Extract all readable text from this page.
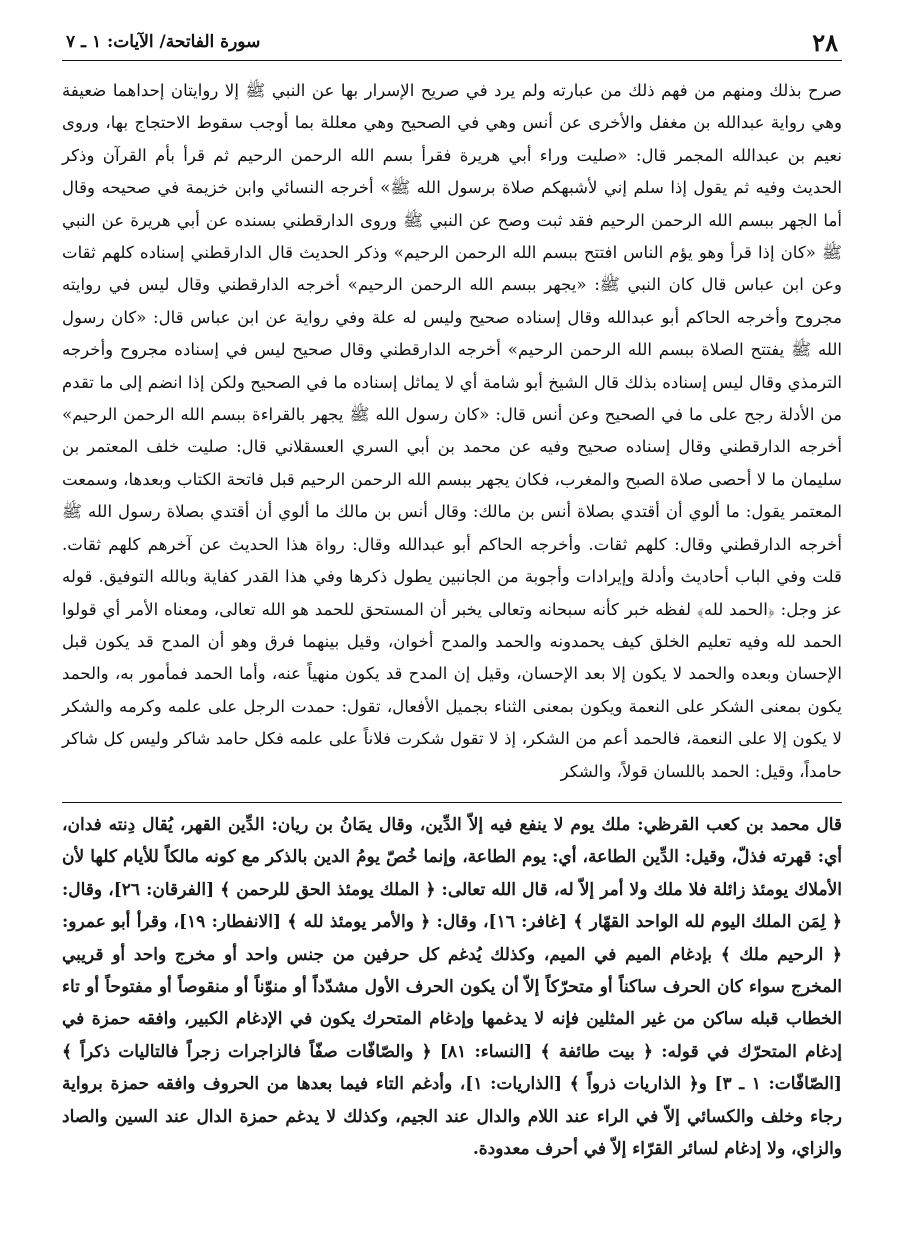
٢٨
سورة الفاتحة/ الآيات: ١ ـ ٧

صرح بذلك ومنهم من فهم ذلك من عبارته ولم يرد في صريح الإسرار بها عن النبي ﷺ إلا روايتان إحداهما ضعيفة وهي رواية عبدالله بن مغفل والأخرى عن أنس وهي في الصحيح وهي معللة بما أوجب سقوط الاحتجاج بها، وروى نعيم بن عبدالله المجمر قال: «صليت وراء أبي هريرة فقرأ بسم الله الرحمن الرحيم ثم قرأ بأم القرآن وذكر الحديث وفيه ثم يقول إذا سلم إني لأشبهكم صلاة برسول الله ﷺ» أخرجه النسائي وابن خزيمة في صحيحه وقال أما الجهر ببسم الله الرحمن الرحيم فقد ثبت وصح عن النبي ﷺ وروى الدارقطني بسنده عن أبي هريرة عن النبي ﷺ «كان إذا قرأ وهو يؤم الناس افتتح ببسم الله الرحمن الرحيم» وذكر الحديث قال الدارقطني إسناده كلهم ثقات وعن ابن عباس قال كان النبي ﷺ: «يجهر ببسم الله الرحمن الرحيم» أخرجه الدارقطني وقال ليس في روايته مجروح وأخرجه الحاكم أبو عبدالله وقال إسناده صحيح وليس له علة وفي رواية عن ابن عباس قال: «كان رسول الله ﷺ يفتتح الصلاة ببسم الله الرحمن الرحيم» أخرجه الدارقطني وقال صحيح ليس في إسناده مجروح وأخرجه الترمذي وقال ليس إسناده بذلك قال الشيخ أبو شامة أي لا يماثل إسناده ما في الصحيح ولكن إذا انضم إلى ما تقدم من الأدلة رجح على ما في الصحيح وعن أنس قال: «كان رسول الله ﷺ يجهر بالقراءة ببسم الله الرحمن الرحيم» أخرجه الدارقطني وقال إسناده صحيح وفيه عن محمد بن أبي السري العسقلاني قال: صليت خلف المعتمر بن سليمان ما لا أحصى صلاة الصبح والمغرب، فكان يجهر ببسم الله الرحمن الرحيم قبل فاتحة الكتاب وبعدها، وسمعت المعتمر يقول: ما ألوي أن أقتدي بصلاة أنس بن مالك: وقال أنس بن مالك ما ألوي أن أقتدي بصلاة رسول الله ﷺ أخرجه الدارقطني وقال: كلهم ثقات. وأخرجه الحاكم أبو عبدالله وقال: رواة هذا الحديث عن آخرهم كلهم ثقات. قلت وفي الباب أحاديث وأدلة وإيرادات وأجوبة من الجانبين يطول ذكرها وفي هذا القدر كفاية وبالله التوفيق. قوله عز وجل: ﴿الحمد لله﴾ لفظه خبر كأنه سبحانه وتعالى يخبر أن المستحق للحمد هو الله تعالى، ومعناه الأمر أي قولوا الحمد لله وفيه تعليم الخلق كيف يحمدونه والحمد والمدح أخوان، وقيل بينهما فرق وهو أن المدح قد يكون قبل الإحسان وبعده والحمد لا يكون إلا بعد الإحسان، وقيل إن المدح قد يكون منهياً عنه، وأما الحمد فمأمور به، والحمد يكون بمعنى الشكر على النعمة ويكون بمعنى الثناء بجميل الأفعال، تقول: حمدت الرجل على علمه وكرمه والشكر لا يكون إلا على النعمة، فالحمد أعم من الشكر، إذ لا تقول شكرت فلاناً على علمه فكل حامد شاكر وليس كل شاكر حامداً، وقيل: الحمد باللسان قولاً، والشكر

قال محمد بن كعب القرظي: ملك يوم لا ينفع فيه إلاّ الدِّين، وقال يمَانُ بن ريان: الدِّين القهر، يُقال دِنته فدان، أي: قهرته فذلّ، وقيل: الدِّين الطاعة، أي: يوم الطاعة، وإنما خُصّ يومُ الدين بالذكر مع كونه مالكاً للأيام كلها لأن الأملاك يومئذ زائلة فلا ملك ولا أمر إلاّ له، قال الله تعالى: ﴿ الملك يومئذ الحق للرحمن ﴾ [الفرقان: ٢٦]، وقال: ﴿ لِمَن الملك اليوم لله الواحد القهّار ﴾ [غافر: ١٦]، وقال: ﴿ والأمر يومئذ لله ﴾ [الانفطار: ١٩]، وقرأ أبو عمرو: ﴿ الرحيم ملك ﴾ بإدغام الميم في الميم، وكذلك يُدغم كل حرفين من جنس واحد أو مخرج واحد أو قريبي المخرج سواء كان الحرف ساكناً أو متحرّكاً إلاّ أن يكون الحرف الأول مشدّداً أو منوّناً أو منقوصاً أو مفتوحاً أو تاء الخطاب قبله ساكن من غير المثلين فإنه لا يدغمها وإدغام المتحرك يكون في الإدغام الكبير، وافقه حمزة في إدغام المتحرّك في قوله: ﴿ بيت طائفة ﴾ [النساء: ٨١] ﴿ والصّافّات صفّاً فالزاجرات زجراً فالتاليات ذكراً ﴾ [الصّافّات: ١ ـ ٣] و﴿ الذاريات ذرواً ﴾ [الذاريات: ١]، وأدغم التاء فيما بعدها من الحروف وافقه حمزة برواية رجاء وخلف والكسائي إلاّ في الراء عند اللام والدال عند الجيم، وكذلك لا يدغم حمزة الدال عند السين والصاد والزاي، ولا إدغام لسائر القرّاء إلاّ في أحرف معدودة.
